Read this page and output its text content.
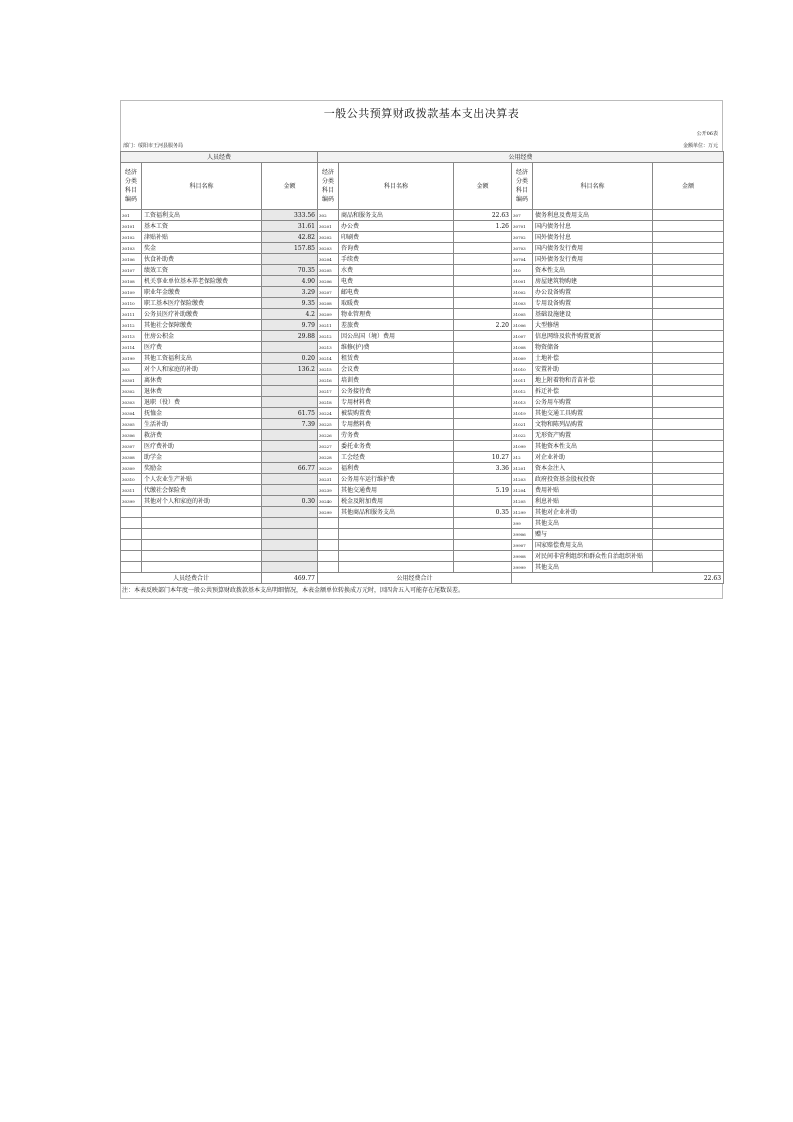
一般公共预算财政拨款基本支出决算表
公开06表
部门：绥阳市王河县服务局	金额单位：万元
人员经费			公用经费					
经济分类科目编码	科目名称	金额	经济分类科目编码	科目名称	金额	经济分类科目编码	科目名称	金额
301	工资福利支出	333.56	302	商品和服务支出	22.63	307	债务利息及费用支出	
30101	基本工资	31.61	30201	办公费	1.26	30701	国内债务付息	
30102	津贴补贴	42.82	30202	印刷费		30702	国外债务付息	
30103	奖金	157.85	30203	咨询费		30703	国内债务发行费用	
30106	伙食补助费		30204	手续费		30704	国外债务发行费用	
30107	绩效工资	70.35	30205	水费		310	资本性支出	
30108	机关事业单位基本养老保险缴费	4.90	30206	电费		31001	房屋建筑物购建	
30109	职业年金缴费	3.29	30207	邮电费		31002	办公设备购置	
30110	职工基本医疗保险缴费	9.35	30208	取暖费		31003	专用设备购置	
30111	公务员医疗补助缴费	4.2	30209	物业管理费		31005	基础设施建设	
30112	其他社会保障缴费	9.79	30211	差旅费	2.20	31006	大型修缮	
30113	住房公积金	29.88	30212	因公出国（境）费用		31007	信息网络及软件购置更新	
30114	医疗费		30213	维修(护)费		31008	物资储备	
30199	其他工资福利支出	0.20	30214	租赁费		31009	土地补偿	
303	对个人和家庭的补助	136.2	30215	会议费		31010	安置补助	
30301	离休费		30216	培训费		31011	地上附着物和青苗补偿	
30302	退休费		30217	公务接待费		31012	拆迁补偿	
30303	退职（役）费		30218	专用材料费		31013	公务用车购置	
30304	抚恤金	61.75	30224	被装购置费		31019	其他交通工具购置	
30305	生活补助	7.39	30225	专用燃料费		31021	文物和陈列品购置	
30306	救济费		30226	劳务费		31022	无形资产购置	
30307	医疗费补助		30227	委托业务费		31099	其他资本性支出	
30308	助学金		30228	工会经费	10.27	312	对企业补助	
30309	奖励金	66.77	30229	福利费	3.36	31201	资本金注入	
30310	个人农业生产补贴		30231	公务用车运行维护费		31203	政府投资基金股权投资	
30311	代缴社会保险费		30239	其他交通费用	5.19	31204	费用补贴	
30399	其他对个人和家庭的补助	0.30	30240	税金及附加费用		31205	利息补贴	
			30299	其他商品和服务支出	0.35	31299	其他对企业补助	
						399	其他支出	
						39906	赠与	
						39907	国家赔偿费用支出	
						39908	对民间非营利组织和群众性自治组织补贴	
						39999	其他支出	
人员经费合计		469.77	公用经费合计			22.63		
注：本表反映部门本年度一般公共预算财政拨款基本支出明细情况，本表金额单位转换成万元时，因四舍五入可能存在尾数误差。
